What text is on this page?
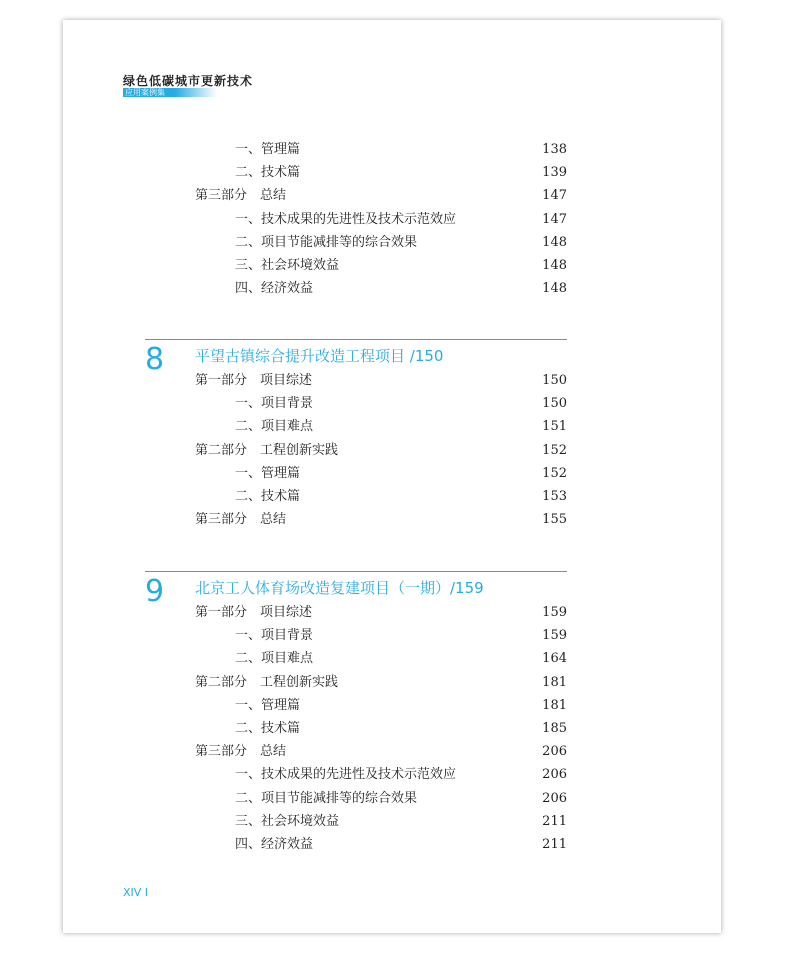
绿色低碳城市更新技术
应用案例集
一、管理篇	138
二、技术篇	139
第三部分　总结	147
一、技术成果的先进性及技术示范效应	147
二、项目节能减排等的综合效果	148
三、社会环境效益	148
四、经济效益	148
8 平望古镇综合提升改造工程项目 /150
第一部分　项目综述	150
一、项目背景	150
二、项目难点	151
第二部分　工程创新实践	152
一、管理篇	152
二、技术篇	153
第三部分　总结	155
9 北京工人体育场改造复建项目（一期）/159
第一部分　项目综述	159
一、项目背景	159
二、项目难点	164
第二部分　工程创新实践	181
一、管理篇	181
二、技术篇	185
第三部分　总结	206
一、技术成果的先进性及技术示范效应	206
二、项目节能减排等的综合效果	206
三、社会环境效益	211
四、经济效益	211
XIV Ⅰ
